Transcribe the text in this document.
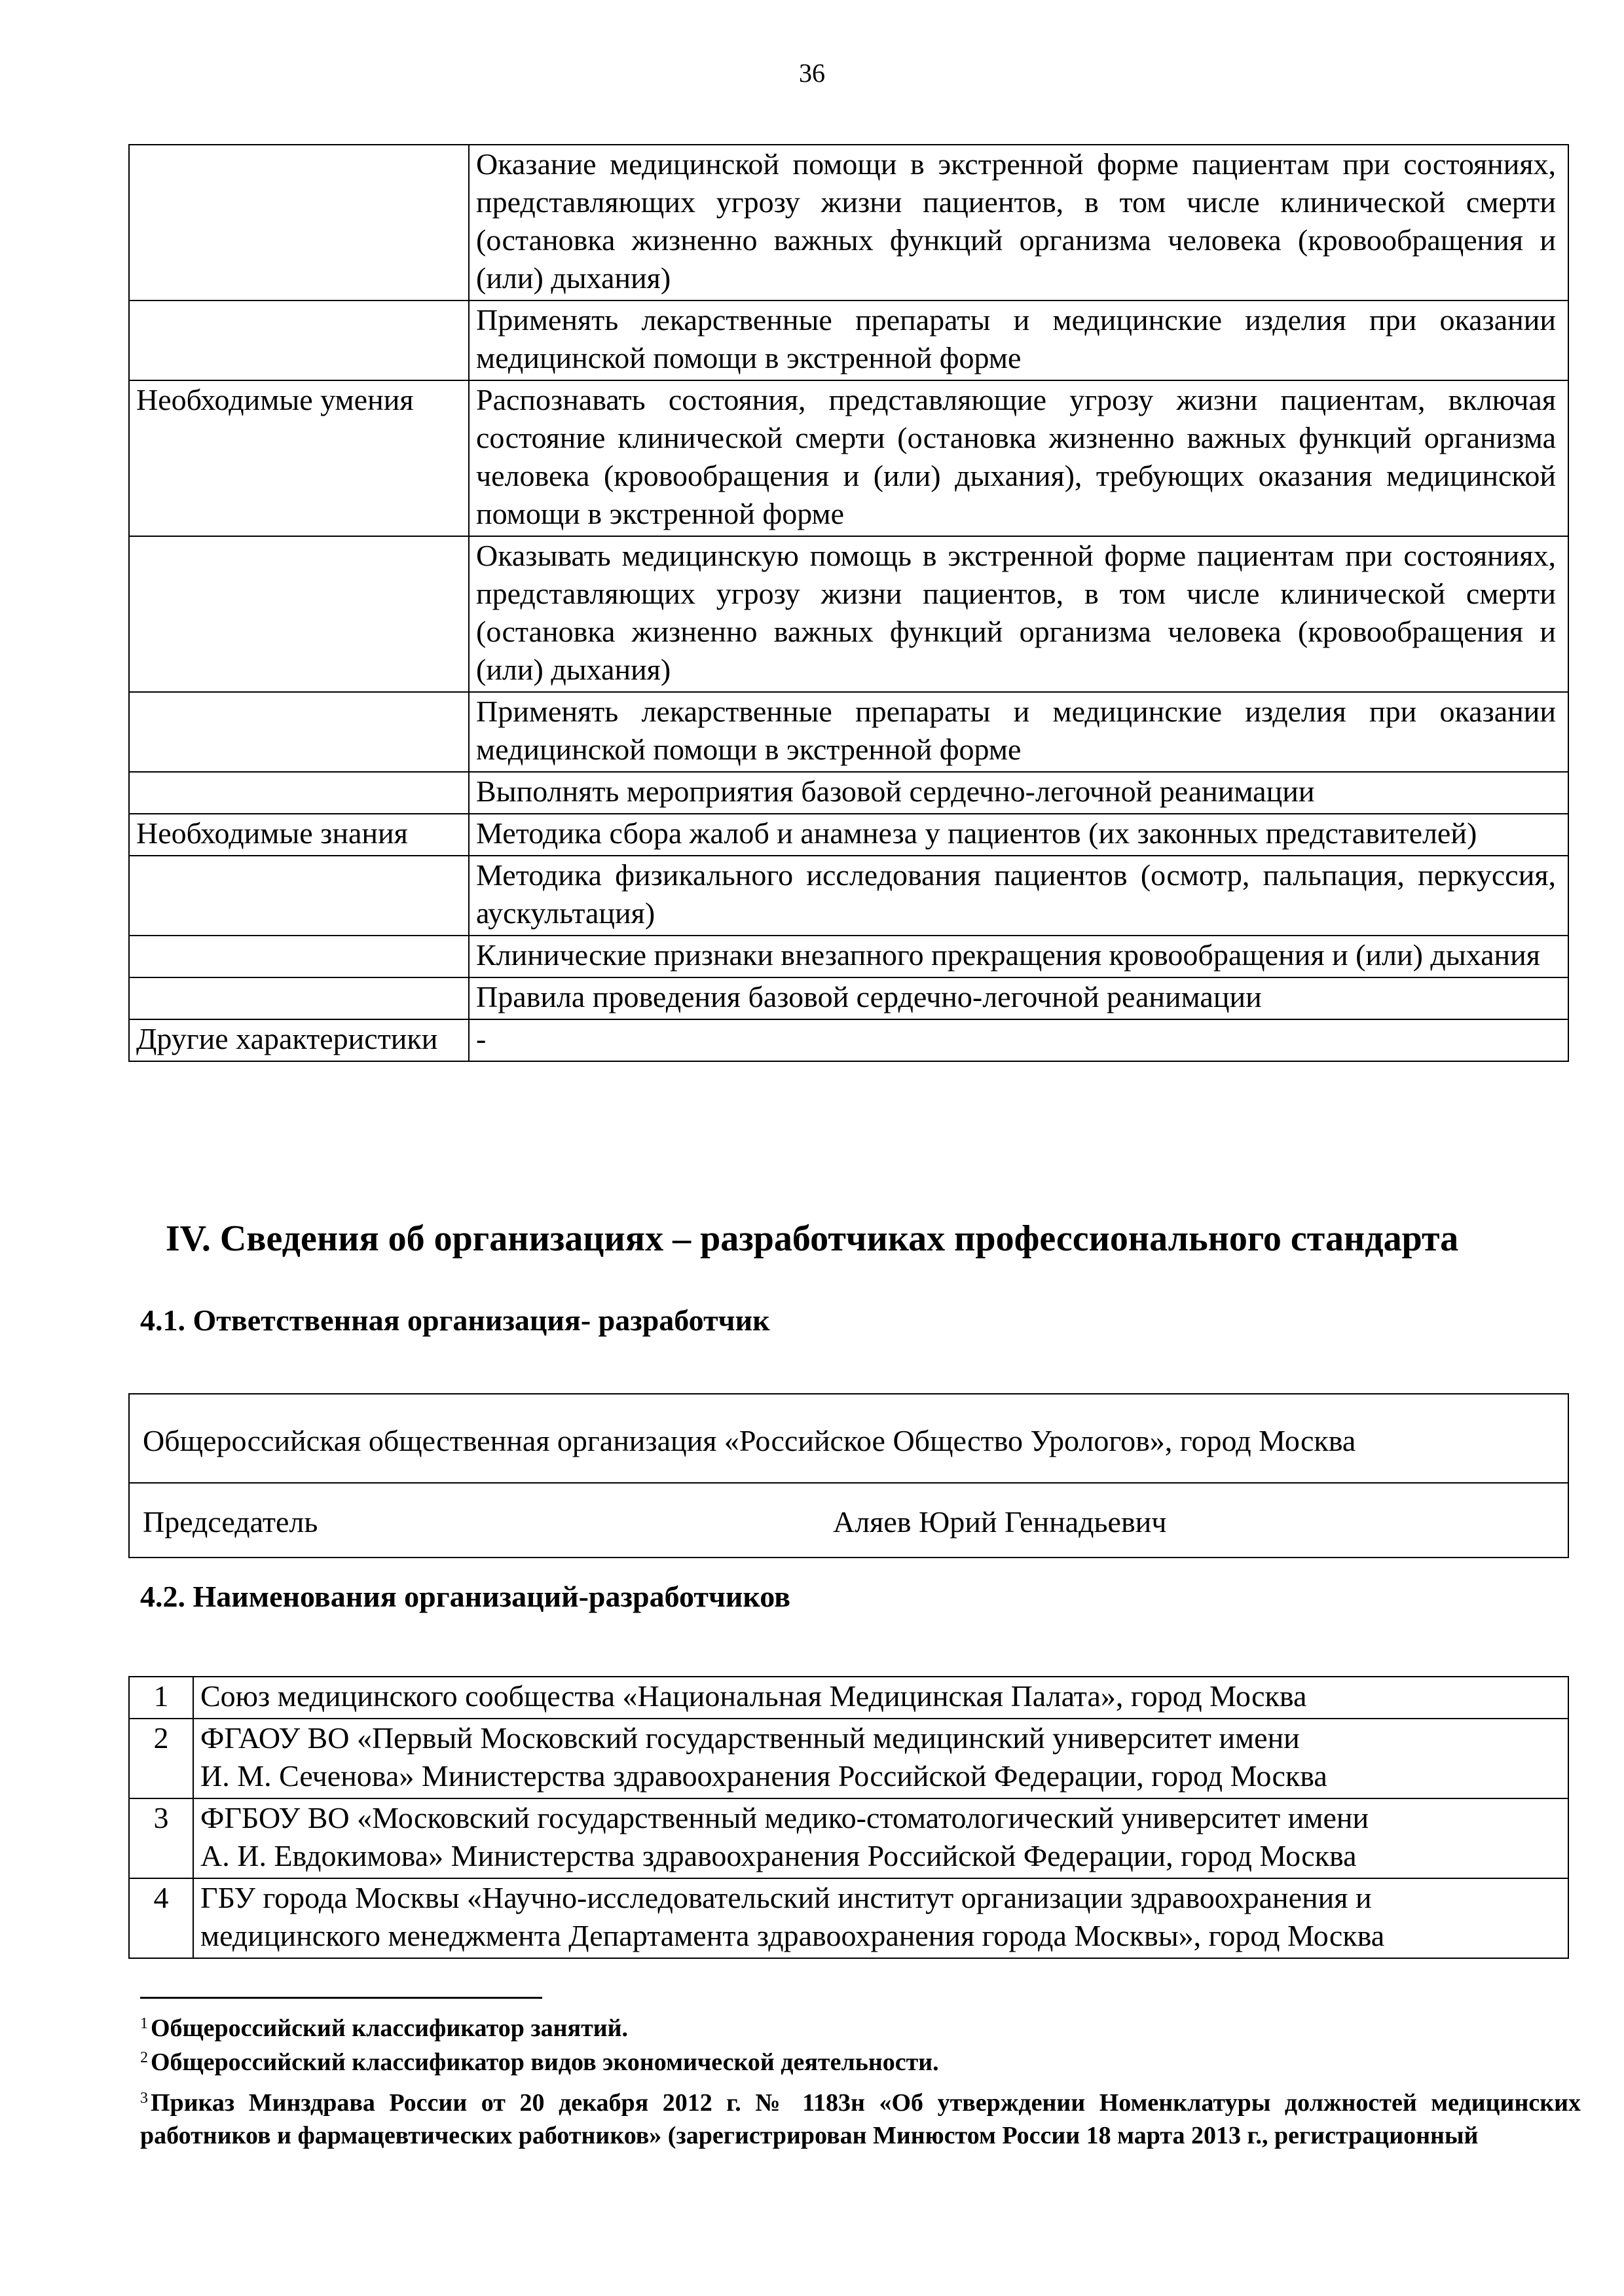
36
	Оказание медицинской помощи в экстренной форме пациентам при состояниях, представляющих угрозу жизни пациентов, в том числе клинической смерти (остановка жизненно важных функций организма человека (кровообращения и (или) дыхания)
	Применять лекарственные препараты и медицинские изделия при оказании медицинской помощи в экстренной форме
Необходимые умения	Распознавать состояния, представляющие угрозу жизни пациентам, включая состояние клинической смерти (остановка жизненно важных функций организма человека (кровообращения и (или) дыхания), требующих оказания медицинской помощи в экстренной форме
	Оказывать медицинскую помощь в экстренной форме пациентам при состояниях, представляющих угрозу жизни пациентов, в том числе клинической смерти (остановка жизненно важных функций организма человека (кровообращения и (или) дыхания)
	Применять лекарственные препараты и медицинские изделия при оказании медицинской помощи в экстренной форме
	Выполнять мероприятия базовой сердечно-легочной реанимации
Необходимые знания	Методика сбора жалоб и анамнеза у пациентов (их законных представителей)
	Методика физикального исследования пациентов (осмотр, пальпация, перкуссия, аускультация)
	Клинические признаки внезапного прекращения кровообращения и (или) дыхания
	Правила проведения базовой сердечно-легочной реанимации
Другие характеристики	-
IV. Сведения об организациях – разработчиках профессионального стандарта
4.1. Ответственная организация- разработчик
Общероссийская общественная организация «Российское Общество Урологов», город Москва
Председатель	Аляев Юрий Геннадьевич
4.2. Наименования организаций-разработчиков
1	Союз медицинского сообщества «Национальная Медицинская Палата», город Москва

2	ФГАОУ ВО «Первый Московский государственный медицинский университет имени
И. М. Сеченова» Министерства здравоохранения Российской Федерации, город Москва

3	ФГБОУ ВО «Московский государственный медико-стоматологический университет имени
А. И. Евдокимова» Министерства здравоохранения Российской Федерации, город Москва

4	ГБУ города Москвы «Научно-исследовательский институт организации здравоохранения и
медицинского менеджмента Департамента здравоохранения города Москвы», город Москва
$^1$ Общероссийский классификатор занятий.
$^2$ Общероссийский классификатор видов экономической деятельности.
$^3$ Приказ Минздрава России от 20 декабря 2012 г. № 1183н «Об утверждении Номенклатуры должностей медицинских работников и фармацевтических работников» (зарегистрирован Минюстом России 18 марта 2013 г., регистрационный
